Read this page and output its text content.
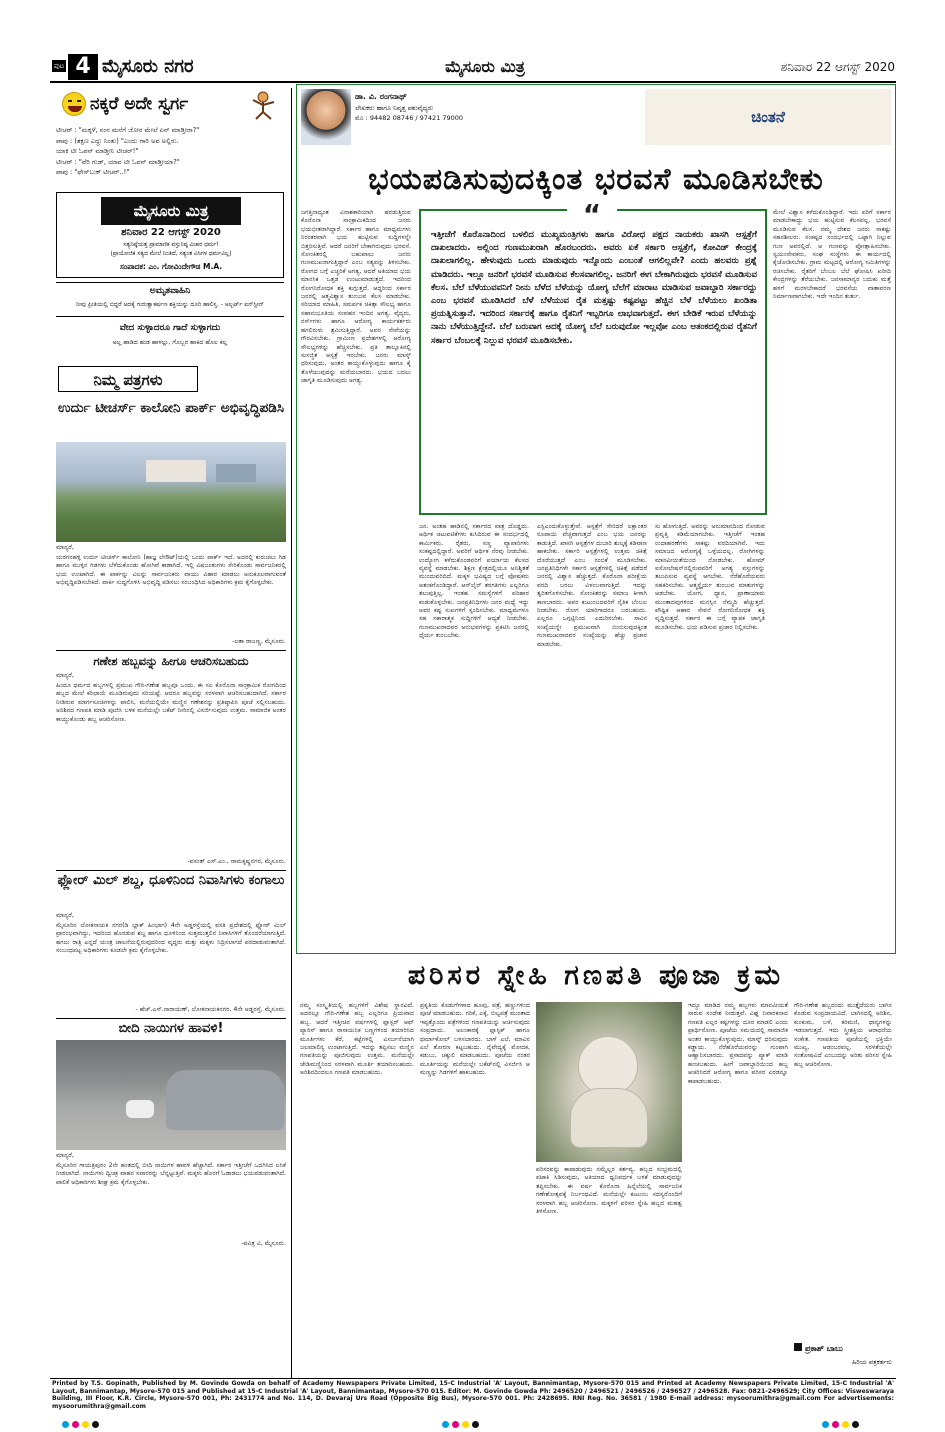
ಪುಟ 4 ಮೈಸೂರು ನಗರ	ಮೈಸೂರು ಮಿತ್ರ	ಶನಿವಾರ 22 ಆಗಸ್ಟ್ 2020
ನಕ್ಕರೆ ಅದೇ ಸ್ವರ್ಗ
ಟೀಚರ್ : "ಮಕ್ಕಳೆ, ನಂನ ಮನೆಗೆ ಜೋರ ಮೇಲೆ ಏನ್ ಮಾಡ್ತೀರಾ?"
ಪಾಪು : (ತಕ್ಷಣ ಎದ್ದು ನಿಂತು) "ಎಂದು ಗಾರಿ ಅವ ಅಲ್ಲಿರು.
ಯಾಕಿ ಟೀ ಓಪನ್ ಮಾಡ್ತೀನಿ ಟೀಚರ್!"
ಟೀಚರ್ : "ವೆರಿ ಗುಡ್, ಯಾವ ಟೀ ಓಪನ್ ಮಾಡ್ತೀಯಾ?"
ಪಾಪು : "ಫೇಸ್‌ಬುಕ್ ಟೀಚರ್..!"
ಮೈಸೂರು ಮಿತ್ರ
ಶನಿವಾರ 22 ಆಗಸ್ಟ್ 2020
ಸತ್ಯನಿಷ್ಠೆಯತ್ತ ಪ್ರಾಮಾಣಿಕ ವಸ್ತುನಿಷ್ಠ ವಿಚಾರ ಧರ್ಮ!
(ಪ್ರಾಯೋಜಿಕ ಸತ್ಯದ ಮೇಲೆ ನಿಂತಿದೆ, ಸತ್ಯಂತ ವಿಸಿಗಳ ಧರ್ಮವಿಲ್ಲ)
ಸಂಪಾದಕ: ಎಂ. ಗೋವಿಂದೇಗೌಡ M.A.
ಅಮೃತವಾಹಿನಿ
ನೀವು ಪ್ರೀತಿಯಲ್ಲಿ ಬಿದ್ದರೆ ಅದಕ್ಕೆ ಗುರುತ್ವಾಕರ್ಷಣ ಶಕ್ತಿಯನ್ನು ದೂರಿ ಹಾಲಿಸ್ತ. - ಅಲ್ಬರ್ಟ್ ಐನ್‌ಸ್ಟೀನ್
ವೇದ ಸುಳ್ಳಾದರೂ ಗಾದೆ ಸುಳ್ಳಾಗದು
ಅಲ್ಲ ಹಾಡಿದ ಹುಡ ಹಾಳಲ್ಲು, ಗೊಬ್ಬರ ಹಾಕಿದ ಹೊಲ ಕಲ್ಲ
ನಿಮ್ಮ ಪತ್ರಗಳು
ಉರ್ದು ಟೀಚರ್ಸ್ ಕಾಲೋನಿ ಪಾರ್ಕ್ ಅಭಿವೃದ್ಧಿಪಡಿಸಿ
ಮಾನ್ಯರೆ,
ಯರಗನಹಳ್ಳಿ ಉರ್ದು ಟೀಚರ್ಸ್ ಕಾಲೋನಿ (ಹಾಜ್ಞ ಲೇಔಟ್)ಯಲ್ಲಿ ಒಂದು ಪಾರ್ಕ್ ಇದೆ. ಅದರಲ್ಲಿ ಕುರುಚಲು ಗಿಡ ಹಾಗೂ ಮುಳ್ಳಿನ ಗಿಡಗಳು ಬೆಳೆದುಕೊಂಡು ಹೋಗಿವೆ ಕಾಡಾಗಿದೆ. ಇಲ್ಲಿ ವಿಷಜಂತುಗಳು ಸೇರಿಕೊಂಡು ಸಾರ್ವಜನಿಕರಲ್ಲಿ ಭಯ ಉಂಟಾಗಿದೆ. ಈ ಪಾರ್ಕನ್ನು ವಿಲನ್ನು ಸಾರ್ವಜನಿಕರು ವಾಯು ವಿಹಾರ ಮಾಡಲು ಅನುಕೂಲವಾಗುವಂತೆ ಅಭಿವೃದ್ಧಿಪಡಿಸಬೇಕಿದೆ. ಪಾರ್ಕಿ ಸುದ್ದಗೊಳಿಸಿ ಅಭಿವೃದ್ಧಿ ಪಡಿಸಲು ಸಂಬಂಧಿಸಿದ ಅಧಿಕಾರಿಗಳು ಕ್ರಮ ಕೈಗೊಳ್ಳಬೇಕು.
-ಲತಾ ರಾಜಣ್ಣ, ಮೈಸೂರು.
ಗಣೇಶ ಹಬ್ಬವನ್ನು ಹೀಗೂ ಆಚರಿಸಬಹುದು
ಮಾನ್ಯರೆ,
ಹಿಂದೂ ಧರ್ಮದ ಹಬ್ಬಗಳಲ್ಲಿ ಪ್ರಮುಖ ಗೌರಿ-ಗಣೇಶ ಹಬ್ಬವೂ ಒಂದು. ಈ ಸಲ ಕೊರೊನಾ ಸಾಂಕ್ರಾಮಿಕ ರೋಗದಿಂದ ಹಬ್ಬದ ಮೇಲೆ ಕರಿಛಾಯೆ ಮೂಡಿರುವುದು ಸರಿಯಷ್ಟೆ. ಆದರೂ ಹಬ್ಬವನ್ನು ಸರಳವಾಗಿ ಆಚರಿಸಬಹುದಾಗಿದೆ. ಸರ್ಕಾರ ನೀಡಿರುವ ಮಾರ್ಗಸೂಚಿಗಳನ್ನು ಪಾಲಿಸಿ, ಮನೆಯಲ್ಲಿಯೇ ಮಣ್ಣಿನ ಗಣೇಶನನ್ನು ಪ್ರತಿಷ್ಠಾಪಿಸಿ ಪೂಜೆ ಸಲ್ಲಿಸಬಹುದು. ಅರಿಶಿನದ ಗಣಪತಿ ಮಾಡಿ ಪೂಜಿಸಿ ಬಳಿಕ ಮನೆಯಲ್ಲೇ ಬಕೆಟ್ ನೀರಿನಲ್ಲಿ ವಿಸರ್ಜಿಸುವುದು ಉತ್ತಮ. ಸಾಮಾಜಿಕ ಅಂತರ ಕಾಯ್ದುಕೊಂಡು ಹಬ್ಬ ಆಚರಿಸೋಣ.
-ವಸಂತ್ ಎಸ್.ಎಂ., ರಾಮಕೃಷ್ಣನಗರ, ಮೈಸೂರು.
ಫ್ಲೋರ್ ಮಿಲ್ ಶಬ್ದ, ಧೂಳಿನಿಂದ ನಿವಾಸಿಗಳು ಕಂಗಾಲು
ಮಾನ್ಯರೆ,
ಮೈಸೂರಿನ ಲೋಕನಾಯಕ ನಗರ(ಡಿ ಬ್ಲಾಕ್ ಹಿಂಭಾಗ) 4ನೇ ಅಡ್ಡರಸ್ತೆಯಲ್ಲಿ ವಸತಿ ಪ್ರದೇಶದಲ್ಲಿ ಫ್ಲೋರ್ ಮಿಲ್ ಪ್ರಾರಂಭವಾಗಿದ್ದು, ಇದರಿಂದ ಹೊರಡುವ ಶಬ್ದ ಹಾಗೂ ಧೂಳಿನಿಂದ ಸುತ್ತಮುತ್ತಲಿನ ನಿವಾಸಿಗಳಿಗೆ ತೊಂದರೆಯಾಗುತ್ತಿದೆ. ಹಗಲು ರಾತ್ರಿ ಎನ್ನದೆ ಯಂತ್ರ ಚಾಲನೆಯಲ್ಲಿರುವುದರಿಂದ ವೃದ್ಧರು ಮತ್ತು ಮಕ್ಕಳು ನಿದ್ರಿಸಲಾಗದೆ ಪರದಾಡುವಂತಾಗಿದೆ. ಸಂಬಂಧಪಟ್ಟ ಅಧಿಕಾರಿಗಳು ಕೂಡಲೇ ಕ್ರಮ ಕೈಗೊಳ್ಳಬೇಕು.
- ಹೆಚ್.ಎಸ್.ನಾರಾಯಣ್, ಲೋಕನಾಯಕನಗರ, 4ನೇ ಅಡ್ಡರಸ್ತೆ, ಮೈಸೂರು.
ಬೀದಿ ನಾಯಿಗಳ ಹಾವಳಿ!
ಮಾನ್ಯರೆ,
ಮೈಸೂರಿನ ಗಾಯತ್ರಿಪುರಂ 2ನೇ ಹಂತದಲ್ಲಿ ಬೀದಿ ನಾಯಿಗಳ ಹಾವಳಿ ಹೆಚ್ಚಾಗಿದೆ. ಸರ್ಕಾರ ಇತ್ತೀಚೆಗೆ ಒದಗಿಸಿದ ಲಸಿಕೆ ನೀಡಲಾಗಿದೆ. ನಾಯಿಗಳು ದ್ವಿಚಕ್ರ ವಾಹನ ಸವಾರರನ್ನು ಬೆನ್ನಟ್ಟುತ್ತಿವೆ. ಮಕ್ಕಳು ಹೊರಗೆ ಓಡಾಡಲು ಭಯಪಡುವಂತಾಗಿದೆ. ಪಾಲಿಕೆ ಅಧಿಕಾರಿಗಳು ಶೀಘ್ರ ಕ್ರಮ ಕೈಗೊಳ್ಳಬೇಕು.
-ಪವಿತ್ರ ವಿ, ಮೈಸೂರು.
ಡಾ. ವಿ. ರಂಗನಾಥ್
ಲೇಖಕರು ಹಾಗೂ ನಿವೃತ್ತ ಪಶುವೈದ್ಯರು
ಮೊ : 94482 08746 / 97421 79000	ಚಿಂತನೆ
ಭಯಪಡಿಸುವುದಕ್ಕಿಂತ ಭರವಸೆ ಮೂಡಿಸಬೇಕು
ಜಗತ್ತಿನಾದ್ಯಂತ ವಿನಾಶಕಾರಿಯಾಗಿ ಹರಡುತ್ತಿರುವ ಕೊರೊನಾ ಸಾಂಕ್ರಾಮಿಕದಿಂದ ಜನರು ಭಯಭೀತರಾಗಿದ್ದಾರೆ. ಸರ್ಕಾರ ಹಾಗೂ ಮಾಧ್ಯಮಗಳು ನಿರಂತರವಾಗಿ ಭಯ ಹುಟ್ಟಿಸುವ ಸುದ್ದಿಗಳನ್ನೇ ಬಿತ್ತರಿಸುತ್ತಿವೆ. ಆದರೆ ಜನರಿಗೆ ಬೇಕಾಗಿರುವುದು ಭರವಸೆ. ಸೋಂಕಿತರಲ್ಲಿ ಬಹುಪಾಲು ಜನರು ಗುಣಮುಖರಾಗುತ್ತಿದ್ದಾರೆ ಎಂಬ ಸತ್ಯವನ್ನು ತಿಳಿಸಬೇಕು. ರೋಗದ ಬಗ್ಗೆ ಎಚ್ಚರಿಕೆ ಅಗತ್ಯ, ಆದರೆ ಅತಿಯಾದ ಭಯ ಮಾನಸಿಕ ಒತ್ತಡ ಉಂಟುಮಾಡುತ್ತದೆ. ಇದರಿಂದ ರೋಗನಿರೋಧಕ ಶಕ್ತಿ ಕುಗ್ಗುತ್ತದೆ. ಆದ್ದರಿಂದ ಸರ್ಕಾರ ಜನರಲ್ಲಿ ಆತ್ಮವಿಶ್ವಾಸ ತುಂಬುವ ಕೆಲಸ ಮಾಡಬೇಕು. ಸರಿಯಾದ ಮಾಹಿತಿ, ಸಮರ್ಪಕ ಚಿಕಿತ್ಸಾ ಸೌಲಭ್ಯ ಹಾಗೂ ಸಹಾನುಭೂತಿಯ ಸಂವಹನ ಇಂದಿನ ಅಗತ್ಯ. ವೈದ್ಯರು, ನರ್ಸ್‌ಗಳು ಹಾಗೂ ಆರೋಗ್ಯ ಕಾರ್ಯಕರ್ತರು ಹಗಲಿರುಳು ಶ್ರಮಿಸುತ್ತಿದ್ದಾರೆ. ಅವರ ಸೇವೆಯನ್ನು ಗೌರವಿಸಬೇಕು. ಗ್ರಾಮೀಣ ಪ್ರದೇಶಗಳಲ್ಲಿ ಆರೋಗ್ಯ ಸೌಲಭ್ಯಗಳನ್ನು ಹೆಚ್ಚಿಸಬೇಕು. ಪ್ರತಿ ತಾಲ್ಲೂಕಿನಲ್ಲಿ ಸುಸಜ್ಜಿತ ಆಸ್ಪತ್ರೆ ಇರಬೇಕು. ಜನರು ಮಾಸ್ಕ್ ಧರಿಸುವುದು, ಅಂತರ ಕಾಯ್ದುಕೊಳ್ಳುವುದು ಹಾಗೂ ಕೈ ತೊಳೆಯುವುದನ್ನು ಮರೆಯಬಾರದು. ಭಯದ ಬದಲು ಜಾಗೃತಿ ಮೂಡಿಸುವುದು ಅಗತ್ಯ.
ಜನ. ಅಂತಹ ಹಾಡಿನಲ್ಲಿ ಸರ್ಕಾರದ ಪಾತ್ರ ದೊಡ್ಡದು. ಆರ್ಥಿಕ ಚಟುವಟಿಕೆಗಳು ಕುಸಿದಿರುವ ಈ ಸಂದರ್ಭದಲ್ಲಿ ಕಾರ್ಮಿಕರು, ರೈತರು, ಸಣ್ಣ ವ್ಯಾಪಾರಿಗಳು ಸಂಕಷ್ಟದಲ್ಲಿದ್ದಾರೆ. ಅವರಿಗೆ ಆರ್ಥಿಕ ನೆರವು ನೀಡಬೇಕು. ಉದ್ಯೋಗ ಕಳೆದುಕೊಂಡವರಿಗೆ ಪರ್ಯಾಯ ಕೆಲಸದ ವ್ಯವಸ್ಥೆ ಮಾಡಬೇಕು. ಶಿಕ್ಷಣ ಕ್ಷೇತ್ರದಲ್ಲಿಯೂ ಅನಿಶ್ಚಿತತೆ ಮುಂದುವರಿದಿದೆ. ಮಕ್ಕಳ ಭವಿಷ್ಯದ ಬಗ್ಗೆ ಪೋಷಕರು ಆತಂಕಗೊಂಡಿದ್ದಾರೆ. ಆನ್‌ಲೈನ್ ತರಗತಿಗಳು ಎಲ್ಲರಿಗೂ ತಲುಪುತ್ತಿಲ್ಲ. ಇಂತಹ ಸಮಸ್ಯೆಗಳಿಗೆ ಪರಿಹಾರ ಕಂಡುಕೊಳ್ಳಬೇಕು. ಜನಪ್ರತಿನಿಧಿಗಳು ಜನರ ಮಧ್ಯೆ ಇದ್ದು ಅವರ ಕಷ್ಟ ಸುಖಗಳಿಗೆ ಸ್ಪಂದಿಸಬೇಕು. ಮಾಧ್ಯಮಗಳೂ ಸಹ ಸಕಾರಾತ್ಮಕ ಸುದ್ದಿಗಳಿಗೆ ಆದ್ಯತೆ ನೀಡಬೇಕು. ಗುಣಮುಖರಾದವರ ಅನುಭವಗಳನ್ನು ಪ್ರಕಟಿಸಿ ಜನರಲ್ಲಿ ಧೈರ್ಯ ತುಂಬಬೇಕು.
ಎಸ್ಪಿಎಂದುಕೊಳ್ಳುತ್ತೇವೆ. ಆಸ್ಪತ್ರೆಗೆ ಸೇರಿದರೆ ಲಕ್ಷಾಂತರ ರೂಪಾಯಿ ವೆಚ್ಚವಾಗುತ್ತದೆ ಎಂಬ ಭಯ ಜನರನ್ನು ಕಾಡುತ್ತಿದೆ. ಖಾಸಗಿ ಆಸ್ಪತ್ರೆಗಳ ದುಬಾರಿ ಶುಲ್ಕಕ್ಕೆ ಕಡಿವಾಣ ಹಾಕಬೇಕು. ಸರ್ಕಾರಿ ಆಸ್ಪತ್ರೆಗಳಲ್ಲಿ ಉತ್ತಮ ಚಿಕಿತ್ಸೆ ದೊರೆಯುತ್ತದೆ ಎಂಬ ನಂಬಿಕೆ ಮೂಡಿಸಬೇಕು. ಜನಪ್ರತಿನಿಧಿಗಳೇ ಸರ್ಕಾರಿ ಆಸ್ಪತ್ರೆಗಳಲ್ಲಿ ಚಿಕಿತ್ಸೆ ಪಡೆದರೆ ಜನರಲ್ಲಿ ವಿಶ್ವಾಸ ಹೆಚ್ಚುತ್ತದೆ. ಕೊರೊನಾ ಪರೀಕ್ಷೆಯ ವರದಿ ಬರಲು ವಿಳಂಬವಾಗುತ್ತಿದೆ. ಇದನ್ನು ತ್ವರಿತಗೊಳಿಸಬೇಕು. ಸೋಂಕಿತರನ್ನು ಸಮಾಜ ಕೀಳಾಗಿ ಕಾಣಬಾರದು. ಅವರ ಕುಟುಂಬದವರಿಗೆ ನೈತಿಕ ಬೆಂಬಲ ನೀಡಬೇಕು. ರೋಗ ಯಾರಿಗಾದರೂ ಬರಬಹುದು. ಎಲ್ಲರೂ ಒಗ್ಗಟ್ಟಿನಿಂದ ಎದುರಿಸಬೇಕು. ಸಾವಿನ ಸಂಖ್ಯೆಯನ್ನೇ ಪ್ರಮುಖವಾಗಿ ಬಿಂಬಿಸುವುದಕ್ಕಿಂತ ಗುಣಮುಖರಾದವರ ಸಂಖ್ಯೆಯನ್ನು ಹೆಚ್ಚು ಪ್ರಚಾರ ಮಾಡಬೇಕು.
ಸು ಹೋಗುತ್ತಿದೆ. ಅವರನ್ನು ಅನುಮಾನದಿಂದ ನೋಡುವ ಪ್ರವೃತ್ತಿ ಕಡಿಮೆಯಾಗಬೇಕು. ಇತ್ತೀಚೆಗೆ ಇಂತಹ ಉದಾಹರಣೆಗಳು ಸಾಕಷ್ಟು ವರದಿಯಾಗಿವೆ. ಇದು ಸಮಾಜದ ಆರೋಗ್ಯಕ್ಕೆ ಒಳ್ಳೆಯದಲ್ಲ. ರೋಗಿಗಳನ್ನು ಮಾನವೀಯತೆಯಿಂದ ನೋಡಬೇಕು. ಹೋಮ್ ಐಸೋಲೇಷನ್‌ನಲ್ಲಿರುವವರಿಗೆ ಅಗತ್ಯ ವಸ್ತುಗಳನ್ನು ತಲುಪಿಸುವ ವ್ಯವಸ್ಥೆ ಆಗಬೇಕು. ನೆರೆಹೊರೆಯವರು ಸಹಕರಿಸಬೇಕು. ಆತ್ಮಸ್ಥೈರ್ಯ ತುಂಬುವ ಮಾತುಗಳನ್ನು ಆಡಬೇಕು. ಯೋಗ, ಧ್ಯಾನ, ಪ್ರಾಣಾಯಾಮ ಮುಂತಾದವುಗಳಿಂದ ಮನಸ್ಸಿನ ನೆಮ್ಮದಿ ಹೆಚ್ಚುತ್ತದೆ. ಪೌಷ್ಟಿಕ ಆಹಾರ ಸೇವನೆ ರೋಗನಿರೋಧಕ ಶಕ್ತಿ ವೃದ್ಧಿಸುತ್ತದೆ. ಸರ್ಕಾರ ಈ ಬಗ್ಗೆ ವ್ಯಾಪಕ ಜಾಗೃತಿ ಮೂಡಿಸಬೇಕು. ಭಯ ಪಡಿಸುವ ಪ್ರಚಾರ ನಿಲ್ಲಿಸಬೇಕು.
ಮೇಲೆ ವಿಶ್ವಾಸ ಕಳೆದುಕೊಂಡಿದ್ದಾರೆ. ಇದು ಪರಿಗೆ ಸರ್ಕಾರ ಮಾಡಬೇಕಾದ್ದು ಭಯ ಹುಟ್ಟಿಸುವ ಕೆಲಸವಲ್ಲ. ಭರವಸೆ ಮೂಡಿಸುವ ಕೆಲಸ. ನಮ್ಮ ದೇಶದ ಜನರು ಸಾಕಷ್ಟು ಸಹನಶೀಲರು. ಸಂಕಷ್ಟದ ಸಂದರ್ಭದಲ್ಲಿ ಒಟ್ಟಾಗಿ ನಿಲ್ಲುವ ಗುಣ ಅವರಲ್ಲಿದೆ. ಆ ಗುಣವನ್ನು ಪ್ರೋತ್ಸಾಹಿಸಬೇಕು. ಸ್ವಯಂಸೇವಕರು, ಸಂಘ ಸಂಸ್ಥೆಗಳು ಈ ಕಾರ್ಯದಲ್ಲಿ ಕೈಜೋಡಿಸಬೇಕು. ಗ್ರಾಮ ಮಟ್ಟದಲ್ಲಿ ಆರೋಗ್ಯ ಸಮಿತಿಗಳನ್ನು ರಚಿಸಬೇಕು. ರೈತರಿಗೆ ಬೆಂಬಲ ಬೆಲೆ ಘೋಷಿಸಿ ಖರೀದಿ ಕೇಂದ್ರಗಳನ್ನು ತೆರೆಯಬೇಕು. ಜನಸಾಮಾನ್ಯರ ಬದುಕು ಮತ್ತೆ ಹಳಿಗೆ ಮರಳಬೇಕಾದರೆ ಭರವಸೆಯ ವಾತಾವರಣ ನಿರ್ಮಾಣವಾಗಬೇಕು. ಇದೇ ಇಂದಿನ ತುರ್ತು.
“
ಇತ್ತೀಚೆಗೆ ಕೊರೊನಾದಿಂದ ಬಳಲಿದ ಮುಖ್ಯಮಂತ್ರಿಗಳು ಹಾಗೂ ವಿರೋಧ ಪಕ್ಷದ ನಾಯಕರು ಖಾಸಗಿ ಆಸ್ಪತ್ರೆಗೆ ದಾಖಲಾದರು. ಅಲ್ಲಿಂದ ಗುಣಮುಖರಾಗಿ ಹೊರಬಂದರು. ಅವರು ಏಕೆ ಸರ್ಕಾರಿ ಆಸ್ಪತ್ರೆಗೆ, ಕೋವಿಡ್ ಕೇಂದ್ರಕ್ಕೆ ದಾಖಲಾಗಲಿಲ್ಲ. ಹೇಳುವುದು ಒಂದು ಮಾಡುವುದು ಇನ್ನೊಂದು ಎಂಬಂತೆ ಆಗಲಿಲ್ಲವೇ? ಎಂದು ಹಲವರು ಪ್ರಶ್ನೆ ಮಾಡಿದರು. ಇಲ್ಲೂ ಜನರಿಗೆ ಭರವಸೆ ಮೂಡಿಸುವ ಕೆಲಸವಾಗಲಿಲ್ಲ. ಜನರಿಗೆ ಈಗ ಬೇಕಾಗಿರುವುದು ಭರವಸೆ ಮೂಡಿಸುವ ಕೆಲಸ. ಬೆಲೆ ಬೆಳೆಯುವವನಿಗೆ ನೀನು ಬೆಳೆದ ಬೆಳೆಯನ್ನು ಯೋಗ್ಯ ಬೆಲೆಗೆ ಮಾರಾಟ ಮಾಡಿಸುವ ಜವಾಬ್ದಾರಿ ಸರ್ಕಾರದ್ದು ಎಂಬ ಭರವಸೆ ಮೂಡಿಸಿದರೆ ಬೆಳೆ ಬೆಳೆಯುವ ರೈತ ಮತ್ತಷ್ಟು ಕಷ್ಟಪಟ್ಟು ಹೆಚ್ಚಿನ ಬೆಳೆ ಬೆಳೆಯಲು ಖಂಡಿತಾ ಪ್ರಯತ್ನಿಸುತ್ತಾನೆ. ಇದರಿಂದ ಸರ್ಕಾರಕ್ಕೆ ಹಾಗೂ ರೈತನಿಗೆ ಇಬ್ಬರಿಗೂ ಲಾಭವಾಗುತ್ತದೆ. ಈಗ ಬೇಡಿಕೆ ಇರುವ ಬೆಳೆಯನ್ನು ನಾನು ಬೆಳೆಯುತ್ತಿದ್ದೇನೆ. ಬೆಲೆ ಬರುವಾಗ ಅದಕ್ಕೆ ಯೋಗ್ಯ ಬೆಲೆ ಬರುವುದೋ ಇಲ್ಲವೋ ಎಂಬ ಆತಂಕದಲ್ಲಿರುವ ರೈತನಿಗೆ ಸರ್ಕಾರ ಬೆಂಬಲಕ್ಕೆ ನಿಲ್ಲುವ ಭರವಸೆ ಮೂಡಿಸಬೇಕು.
ಪರಿಸರ ಸ್ನೇಹಿ ಗಣಪತಿ ಪೂಜಾ ಕ್ರಮ
ನಮ್ಮ ಸಂಸ್ಕೃತಿಯಲ್ಲಿ ಹಬ್ಬಗಳಿಗೆ ವಿಶೇಷ ಸ್ಥಾನವಿದೆ. ಅದರಲ್ಲೂ ಗೌರಿ-ಗಣೇಶ ಹಬ್ಬ ಎಲ್ಲರಿಗೂ ಪ್ರಿಯವಾದ ಹಬ್ಬ. ಆದರೆ ಇತ್ತೀಚಿನ ವರ್ಷಗಳಲ್ಲಿ ಪ್ಲಾಸ್ಟರ್ ಆಫ್ ಪ್ಯಾರಿಸ್ ಹಾಗೂ ರಾಸಾಯನಿಕ ಬಣ್ಣಗಳಿಂದ ತಯಾರಿಸಿದ ಮೂರ್ತಿಗಳು ಕೆರೆ, ಕಟ್ಟೆಗಳಲ್ಲಿ ವಿಸರ್ಜನೆಯಾಗಿ ಜಲಮಾಲಿನ್ಯ ಉಂಟಾಗುತ್ತಿದೆ. ಇದನ್ನು ತಪ್ಪಿಸಲು ಮಣ್ಣಿನ ಗಣಪತಿಯನ್ನು ಪೂಜಿಸುವುದು ಉತ್ತಮ. ಮನೆಯಲ್ಲೇ ಜೇಡಿಮಣ್ಣಿನಿಂದ ಸರಳವಾಗಿ ಮೂರ್ತಿ ತಯಾರಿಸಬಹುದು. ಅರಿಶಿನದಿಂದಲೂ ಗಣಪತಿ ಮಾಡಬಹುದು.
ಪ್ರಕೃತಿಯ ಕೊಡುಗೆಗಳಾದ ಹೂವು, ಪತ್ರೆ, ಹಣ್ಣುಗಳಿಂದ ಪೂಜೆ ಮಾಡಬಹುದು. ಗರಿಕೆ, ಎಕ್ಕೆ, ಬಿಲ್ವಪತ್ರೆ ಮುಂತಾದ ಇಪ್ಪತ್ತೊಂದು ಪತ್ರೆಗಳಿಂದ ಗಣಪತಿಯನ್ನು ಅರ್ಚಿಸುವುದು ಸಂಪ್ರದಾಯ. ಅಲಂಕಾರಕ್ಕೆ ಪ್ಲಾಸ್ಟಿಕ್ ಹಾಗೂ ಥರ್ಮಾಕೋಲ್ ಬಳಸಬಾರದು. ಬಾಳೆ ಎಲೆ, ಮಾವಿನ ಎಲೆ ತೋರಣ ಕಟ್ಟಬಹುದು. ನೈವೇದ್ಯಕ್ಕೆ ಮೋದಕ, ಕಡುಬು, ಚಕ್ಕುಲಿ ಮಾಡಬಹುದು. ಪೂಜೆಯ ನಂತರ ಮೂರ್ತಿಯನ್ನು ಮನೆಯಲ್ಲೇ ಬಕೆಟ್‌ನಲ್ಲಿ ವಿಸರ್ಜಿಸಿ ಆ ಮಣ್ಣನ್ನು ಗಿಡಗಳಿಗೆ ಹಾಕಬಹುದು.
ಪರಿಸರವನ್ನು ಕಾಪಾಡುವುದು ನಮ್ಮೆಲ್ಲರ ಕರ್ತವ್ಯ. ಹಬ್ಬದ ಸಂಭ್ರಮದಲ್ಲಿ ಪಟಾಕಿ ಸಿಡಿಸುವುದು, ಅತಿಯಾದ ಧ್ವನಿವರ್ಧಕ ಬಳಕೆ ಮಾಡುವುದನ್ನು ತಪ್ಪಿಸಬೇಕು. ಈ ವರ್ಷ ಕೊರೊನಾ ಹಿನ್ನೆಲೆಯಲ್ಲಿ ಸಾರ್ವಜನಿಕ ಗಣೇಶೋತ್ಸವಕ್ಕೆ ನಿರ್ಬಂಧವಿದೆ. ಮನೆಯಲ್ಲೇ ಕುಟುಂಬ ಸದಸ್ಯರೊಂದಿಗೆ ಸರಳವಾಗಿ ಹಬ್ಬ ಆಚರಿಸೋಣ. ಮಕ್ಕಳಿಗೆ ಪರಿಸರ ಸ್ನೇಹಿ ಹಬ್ಬದ ಮಹತ್ವ ತಿಳಿಸೋಣ.
ಇದ್ದೂ ಮಾಡಿದ ನಮ್ಮ ಹಬ್ಬಗಳು ಮಾನವೀಯತೆ ಸಾರುವ ಸಂದೇಶ ನೀಡುತ್ತವೆ. ವಿಘ್ನ ನಿವಾರಕನಾದ ಗಣಪತಿ ಎಲ್ಲರ ಕಷ್ಟಗಳನ್ನು ದೂರ ಮಾಡಲಿ ಎಂದು ಪ್ರಾರ್ಥಿಸೋಣ. ಪೂಜೆಯ ಸಮಯದಲ್ಲಿ ಸಾಮಾಜಿಕ ಅಂತರ ಕಾಯ್ದುಕೊಳ್ಳುವುದು, ಮಾಸ್ಕ್ ಧರಿಸುವುದು ಕಡ್ಡಾಯ. ನೆರೆಹೊರೆಯವರನ್ನು ಗುಂಪಾಗಿ ಆಹ್ವಾನಿಸಬಾರದು. ಪ್ರಸಾದವನ್ನು ಪ್ಯಾಕ್ ಮಾಡಿ ಹಂಚಬಹುದು. ಹೀಗೆ ಜವಾಬ್ದಾರಿಯಿಂದ ಹಬ್ಬ ಆಚರಿಸಿದರೆ ಆರೋಗ್ಯ ಹಾಗೂ ಪರಿಸರ ಎರಡನ್ನೂ ಕಾಪಾಡಬಹುದು.
ಗೌರಿ-ಗಣೇಶ ಹಬ್ಬದಂದು ಮುತ್ತೈದೆಯರು ಬಾಗಿನ ಕೊಡುವ ಸಂಪ್ರದಾಯವಿದೆ. ಬಾಗಿನದಲ್ಲಿ ಅರಿಶಿನ, ಕುಂಕುಮ, ಬಳೆ, ಕರಿಮಣಿ, ಧಾನ್ಯಗಳನ್ನು ಇಡಲಾಗುತ್ತದೆ. ಇದು ಸ್ತ್ರೀಶಕ್ತಿಯ ಆರಾಧನೆಯ ಸಂಕೇತ. ಗಣಪತಿಯ ಪೂಜೆಯಲ್ಲಿ ಭಕ್ತಿಯೇ ಮುಖ್ಯ, ಆಡಂಬರವಲ್ಲ. ಸರಳತೆಯಲ್ಲೇ ಸಂತೋಷವಿದೆ ಎಂಬುದನ್ನು ಅರಿತು ಪರಿಸರ ಸ್ನೇಹಿ ಹಬ್ಬ ಆಚರಿಸೋಣ.
ಪ್ರಕಾಶ್ ಬಾಬು
ಹಿರಿಯ ಪತ್ರಕರ್ತರು
Printed by T.S. Gopinath, Published by M. Govinde Gowda on behalf of Academy Newspapers Private Limited, 15-C Industrial 'A' Layout, Bannimantap, Mysore-570 015 and Printed at Academy Newspapers Private Limited, 15-C Industrial 'A' Layout, Bannimantap, Mysore-570 015 and Published at 15-C Industrial 'A' Layout, Bannimantap, Mysore-570 015. Editor: M. Govinde Gowda Ph: 2496520 / 2496521 / 2496526 / 2496527 / 2496528. Fax: 0821-2496529; City Offices: Visweswaraya Building, III Floor, K.R. Circle, Mysore-570 001, Ph: 2431774 and No. 114, D. Devaraj Urs Road (Opposite Big Bus), Mysore-570 001. Ph: 2428695. RNI Reg. No. 36581 / 1980 E-mail address: mysoorumithra@gmail.com For advertisements: mysoorumithra@gmail.com
